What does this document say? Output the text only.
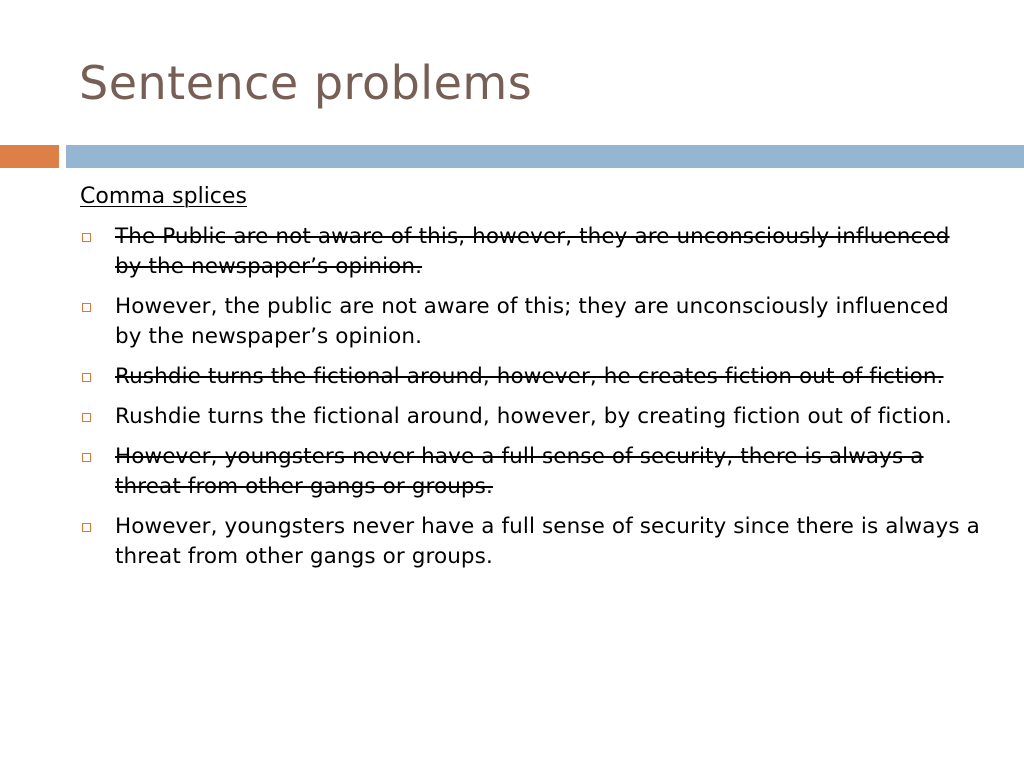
Sentence problems
Comma splices
The Public are not aware of this, however, they are unconsciously influenced by the newspaper’s opinion.
However, the public are not aware of this; they are unconsciously influenced by the newspaper’s opinion.
Rushdie turns the fictional around, however, he creates fiction out of fiction.
Rushdie turns the fictional around, however, by creating fiction out of fiction.
However, youngsters never have a full sense of security, there is always a threat from other gangs or groups.
However, youngsters never have a full sense of security since there is always a threat from other gangs or groups.
